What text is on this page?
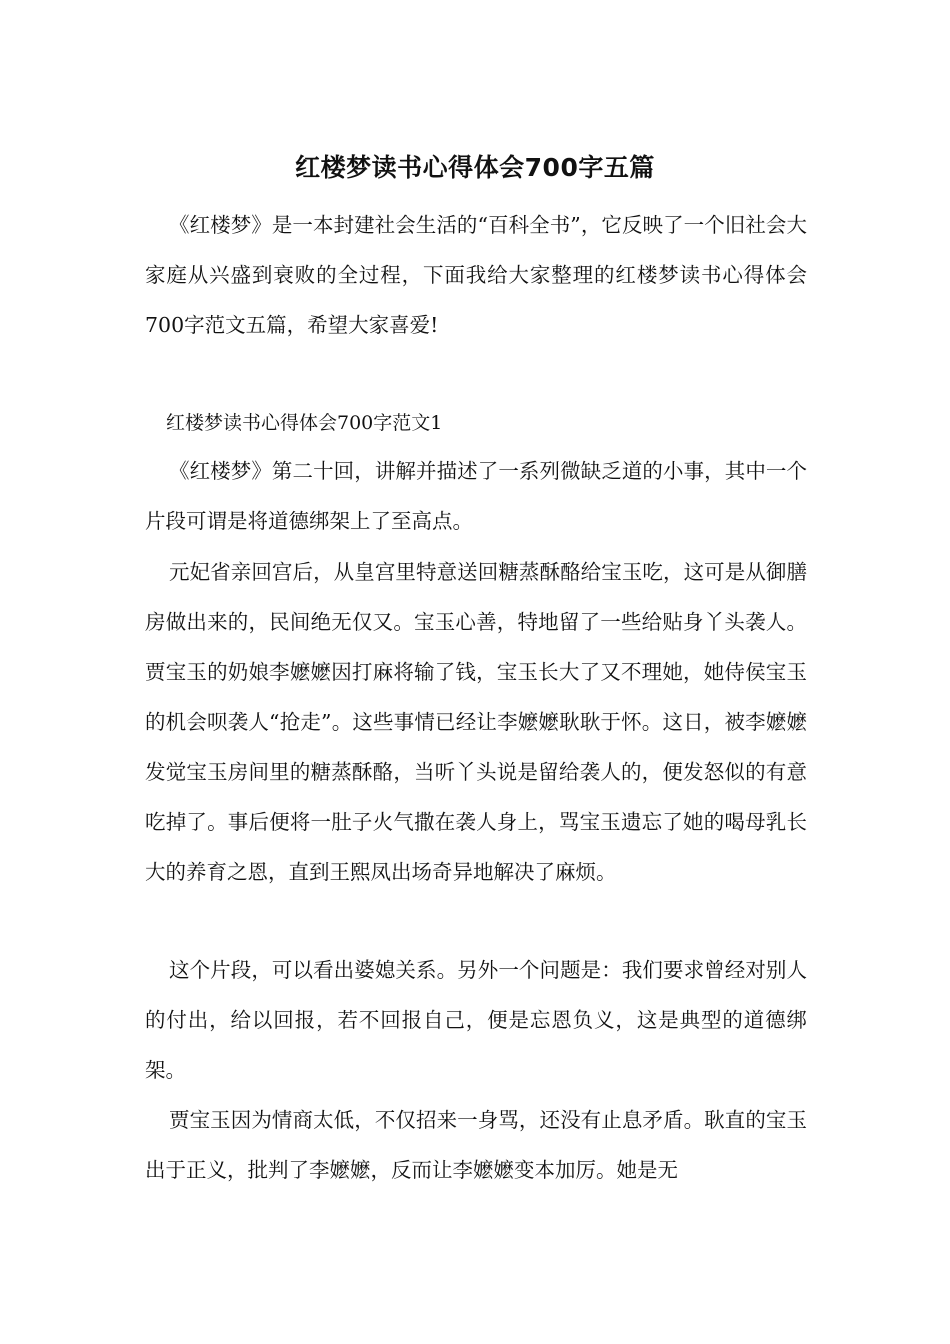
红楼梦读书心得体会700字五篇

《红楼梦》是一本封建社会生活的“百科全书”，它反映了一个旧社会大家庭从兴盛到衰败的全过程，下面我给大家整理的红楼梦读书心得体会700字范文五篇，希望大家喜爱!

红楼梦读书心得体会700字范文1

《红楼梦》第二十回，讲解并描述了一系列微缺乏道的小事，其中一个片段可谓是将道德绑架上了至高点。

元妃省亲回宫后，从皇宫里特意送回糖蒸酥酪给宝玉吃，这可是从御膳房做出来的，民间绝无仅又。宝玉心善，特地留了一些给贴身丫头袭人。贾宝玉的奶娘李嬷嬷因打麻将输了钱，宝玉长大了又不理她，她侍侯宝玉的机会呗袭人“抢走”。这些事情已经让李嬷嬷耿耿于怀。这日，被李嬷嬷发觉宝玉房间里的糖蒸酥酪，当听丫头说是留给袭人的，便发怒似的有意吃掉了。事后便将一肚子火气撒在袭人身上，骂宝玉遗忘了她的喝母乳长大的养育之恩，直到王熙凤出场奇异地解决了麻烦。

这个片段，可以看出婆媳关系。另外一个问题是：我们要求曾经对别人的付出，给以回报，若不回报自己，便是忘恩负义，这是典型的道德绑架。

贾宝玉因为情商太低，不仅招来一身骂，还没有止息矛盾。耿直的宝玉出于正义，批判了李嬷嬷，反而让李嬷嬷变本加厉。她是无
